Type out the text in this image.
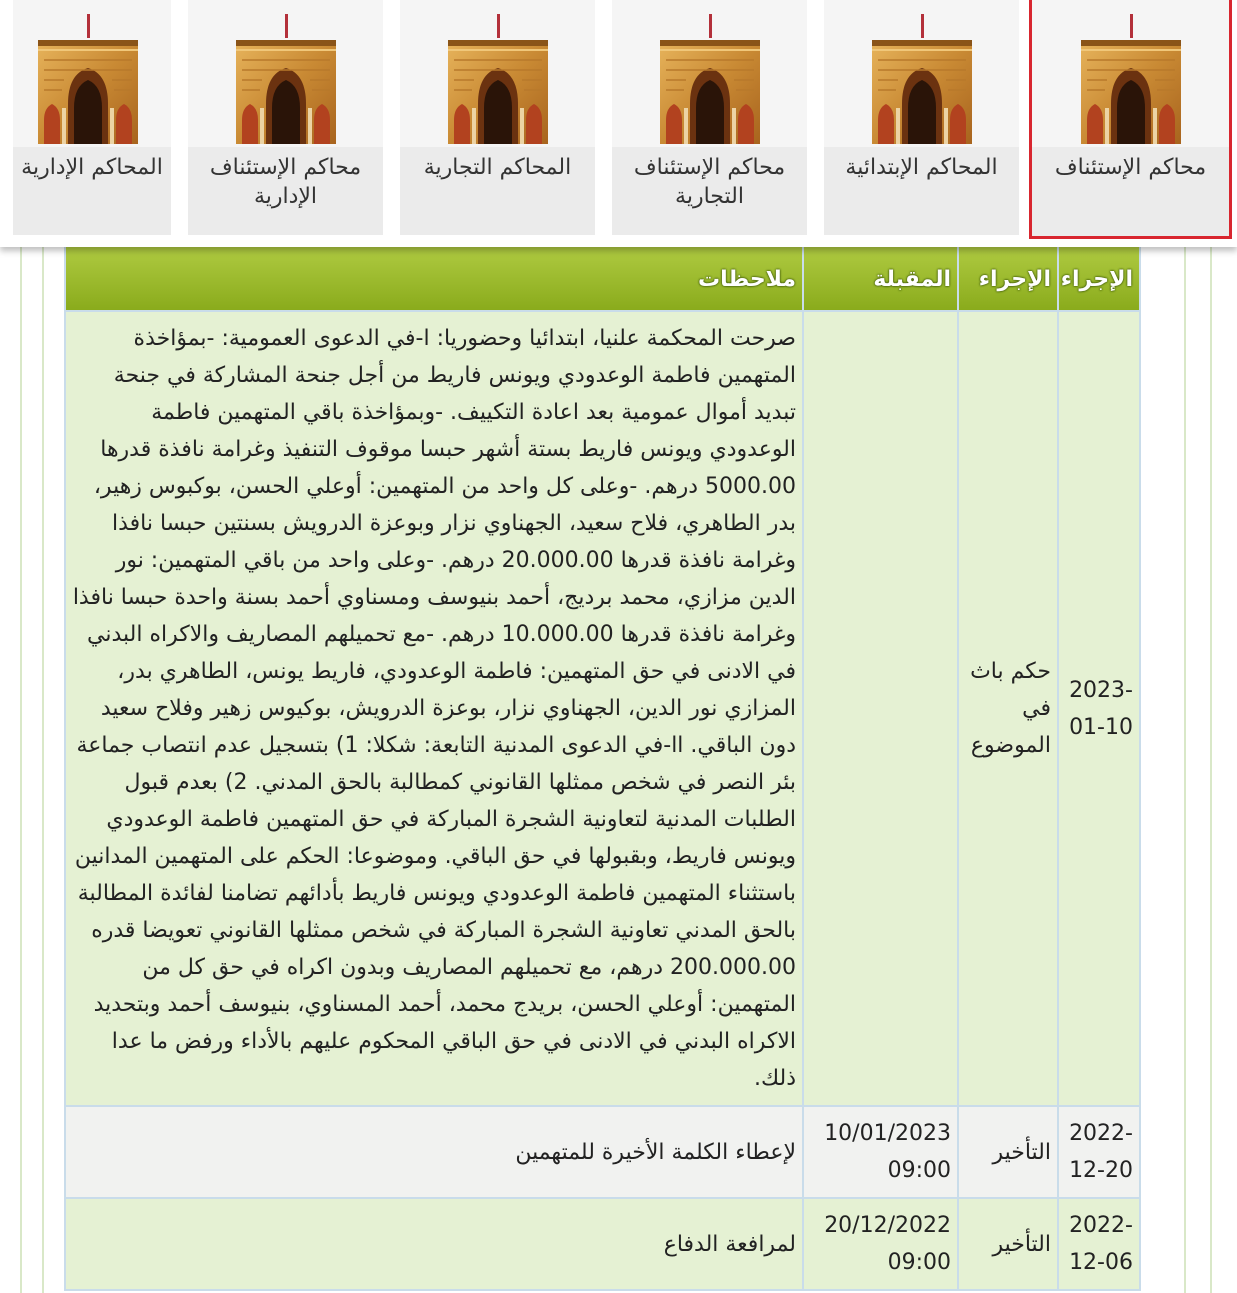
الإجراء	الإجراء	المقبلة	ملاحظات
2023-01-10	حكم باث في الموضوع		صرحت المحكمة علنيا، ابتدائيا وحضوريا: ا-في الدعوى العمومية: -بمؤاخذة المتهمين فاطمة الوعدودي ويونس فاريط من أجل جنحة المشاركة في جنحة تبديد أموال عمومية بعد اعادة التكييف. -وبمؤاخذة باقي المتهمين فاطمة الوعدودي ويونس فاريط بستة أشهر حبسا موقوف التنفيذ وغرامة نافذة قدرها 5000.00 درهم. -وعلى كل واحد من المتهمين: أوعلي الحسن، بوكبوس زهير، بدر الطاهري، فلاح سعيد، الجهناوي نزار وبوعزة الدرويش بسنتين حبسا نافذا وغرامة نافذة قدرها 20.000.00 درهم. -وعلى واحد من باقي المتهمين: نور الدين مزازي، محمد برديج، أحمد بنيوسف ومسناوي أحمد بسنة واحدة حبسا نافذا وغرامة نافذة قدرها 10.000.00 درهم. -مع تحميلهم المصاريف والاكراه البدني في الادنى في حق المتهمين: فاطمة الوعدودي، فاريط يونس، الطاهري بدر، المزازي نور الدين، الجهناوي نزار، بوعزة الدرويش، بوكيوس زهير وفلاح سعيد دون الباقي. اا-في الدعوى المدنية التابعة: شكلا: 1) بتسجيل عدم انتصاب جماعة بئر النصر في شخص ممثلها القانوني كمطالبة بالحق المدني. 2) بعدم قبول الطلبات المدنية لتعاونية الشجرة المباركة في حق المتهمين فاطمة الوعدودي ويونس فاريط، وبقبولها في حق الباقي. وموضوعا: الحكم على المتهمين المدانين باستثناء المتهمين فاطمة الوعدودي ويونس فاريط بأدائهم تضامنا لفائدة المطالبة بالحق المدني تعاونية الشجرة المباركة في شخص ممثلها القانوني تعويضا قدره 200.000.00 درهم، مع تحميلهم المصاريف وبدون اكراه في حق كل من المتهمين: أوعلي الحسن، بريدج محمد، أحمد المسناوي، بنيوسف أحمد وبتحديد الاكراه البدني في الادنى في حق الباقي المحكوم عليهم بالأداء ورفض ما عدا ذلك.
2022-12-20	التأخير	10/01/2023 09:00	لإعطاء الكلمة الأخيرة للمتهمين
2022-12-06	التأخير	20/12/2022 09:00	لمرافعة الدفاع
محاكم الإستئناف
المحاكم الإبتدائية
محاكم الإستئناف التجارية
المحاكم التجارية
محاكم الإستئناف الإدارية
المحاكم الإدارية
